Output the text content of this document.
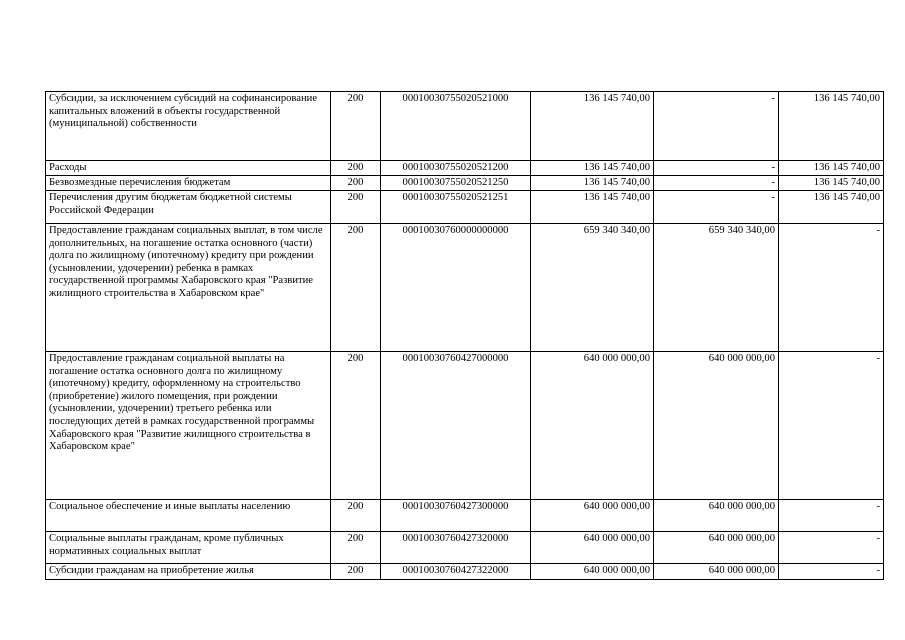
Субсидии, за исключением субсидий на софинансирование капитальных вложений в объекты государственной (муниципальной) собственности	200	00010030755020521000	136 145 740,00	-	136 145 740,00
Расходы	200	00010030755020521200	136 145 740,00	-	136 145 740,00
Безвозмездные перечисления бюджетам	200	00010030755020521250	136 145 740,00	-	136 145 740,00
Перечисления другим бюджетам бюджетной системы Российской Федерации	200	00010030755020521251	136 145 740,00	-	136 145 740,00
Предоставление гражданам социальных выплат, в том числе дополнительных, на погашение остатка основного (части) долга по жилищному (ипотечному) кредиту при рождении (усыновлении, удочерении) ребенка в рамках государственной программы Хабаровского края "Развитие жилищного строительства в Хабаровском крае"	200	00010030760000000000	659 340 340,00	659 340 340,00	-
Предоставление гражданам социальной выплаты на погашение остатка основного долга по жилищному (ипотечному) кредиту, оформленному на строительство (приобретение) жилого помещения, при рождении (усыновлении, удочерении) третьего ребенка или последующих детей в рамках государственной программы Хабаровского края "Развитие жилищного строительства в Хабаровском крае"	200	00010030760427000000	640 000 000,00	640 000 000,00	-
Социальное обеспечение и иные выплаты населению	200	00010030760427300000	640 000 000,00	640 000 000,00	-
Социальные выплаты гражданам, кроме публичных нормативных социальных выплат	200	00010030760427320000	640 000 000,00	640 000 000,00	-
Субсидии гражданам на приобретение жилья	200	00010030760427322000	640 000 000,00	640 000 000,00	-
